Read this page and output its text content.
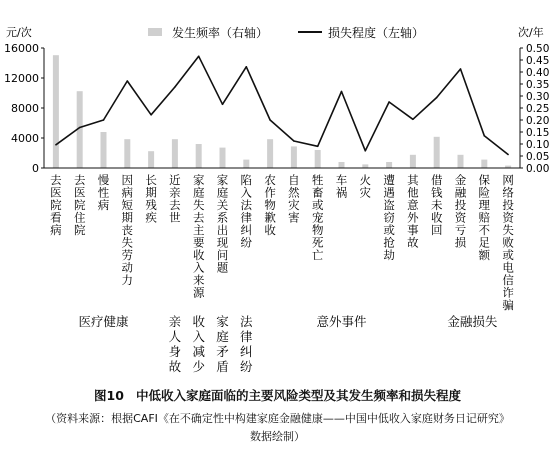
元/次	次/年
0
4000
8000
12000
16000
0.00
0.05
0.10
0.15
0.20
0.25
0.30
0.35
0.40
0.45
0.50
发生频率（右轴）	损失程度（左轴）
去医院看病
去医院住院
慢性病
因病短期丧失劳动力
长期残疾
近亲去世
家庭失去主要收入来源
家庭关系出现问题
陷入法律纠纷
农作物歉收
自然灾害
牲畜或宠物死亡
车祸
火灾
遭遇盗窃或抢劫
其他意外事故
借钱未收回
金融投资亏损
保险理赔不足额
网络投资失败或电信诈骗
医疗健康	亲人身故
收入减少
家庭矛盾
法律纠纷
意外事件	金融损失
图10 中低收入家庭面临的主要风险类型及其发生频率和损失程度
（资料来源：根据CAFI《在不确定性中构建家庭金融健康——中国中低收入家庭财务日记研究》
数据绘制）
